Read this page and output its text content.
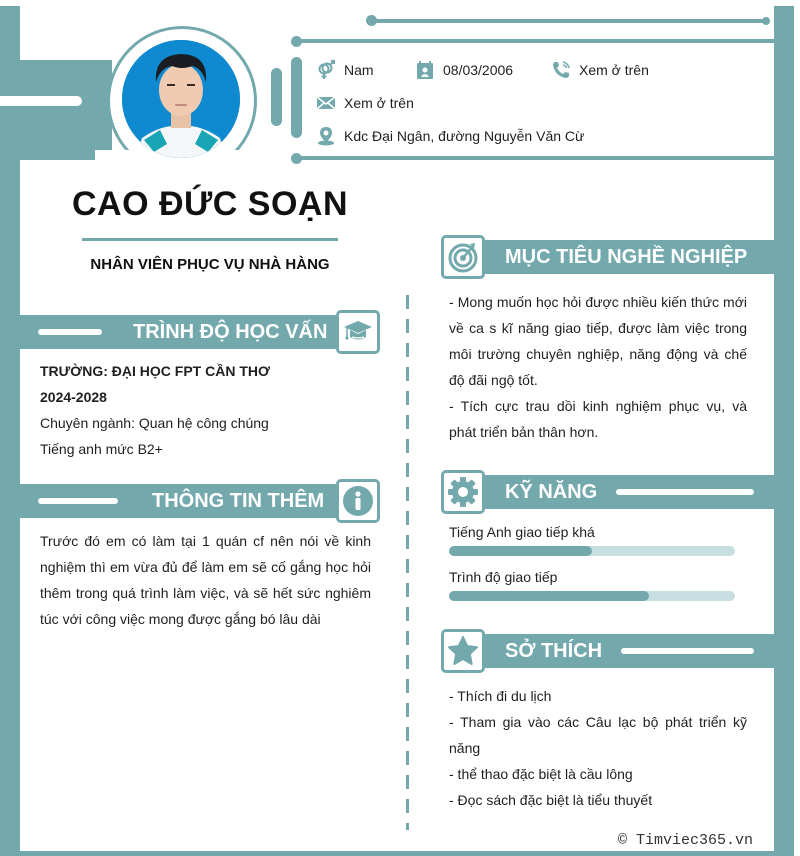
Nam	08/03/2006	Xem ở trên
Xem ở trên
Kdc Đại Ngân, đường Nguyễn Văn Cừ
CAO ĐỨC SOẠN
NHÂN VIÊN PHỤC VỤ NHÀ HÀNG
TRÌNH ĐỘ HỌC VẤN
TRƯỜNG: ĐẠI HỌC FPT CẦN THƠ
2024-2028
Chuyên ngành: Quan hệ công chúng
Tiếng anh mức B2+
THÔNG TIN THÊM
Trước đó em có làm tại 1 quán cf nên nói về kinh nghiệm thì em vừa đủ để làm em sẽ cố gắng học hỏi thêm trong quá trình làm việc, và sẽ hết sức nghiêm túc với công việc mong được gắng bó lâu dài
MỤC TIÊU NGHỀ NGHIỆP
- Mong muốn học hỏi được nhiều kiến thức mới về ca s kĩ năng giao tiếp, được làm việc trong môi trường chuyên nghiệp, năng động và chế độ đãi ngộ tốt.
- Tích cực trau dồi kinh nghiệm phục vụ, và phát triển bản thân hơn.
KỸ NĂNG
Tiếng Anh giao tiếp khá
Trình độ giao tiếp
SỞ THÍCH
- Thích đi du lịch
- Tham gia vào các Câu lạc bộ phát triển kỹ năng
- thể thao đặc biệt là cầu lông
- Đọc sách đặc biệt là tiểu thuyết
© Timviec365.vn
